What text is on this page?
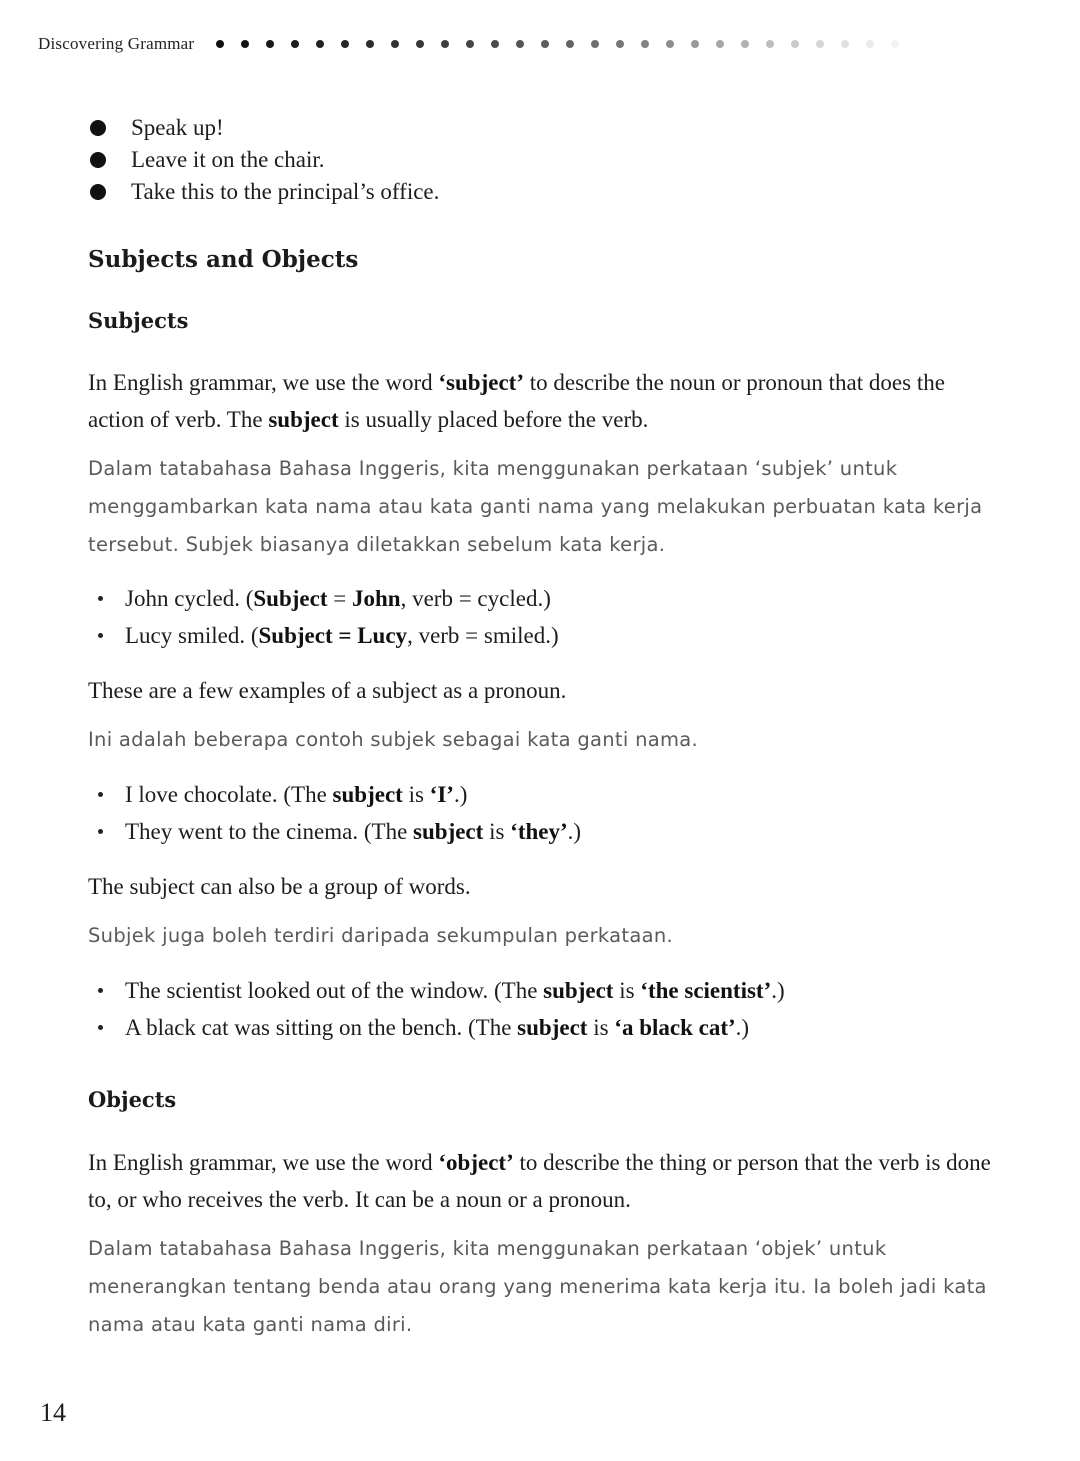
Discovering Grammar
Speak up!
Leave it on the chair.
Take this to the principal’s office.
Subjects and Objects
Subjects

In English grammar, we use the word ‘subject’ to describe the noun or pronoun that does the action of verb. The subject is usually placed before the verb.

Dalam tatabahasa Bahasa Inggeris, kita menggunakan perkataan ‘subjek’ untuk menggambarkan kata nama atau kata ganti nama yang melakukan perbuatan kata kerja tersebut. Subjek biasanya diletakkan sebelum kata kerja.

John cycled. (Subject = John, verb = cycled.)
Lucy smiled. (Subject = Lucy, verb = smiled.)

These are a few examples of a subject as a pronoun.

Ini adalah beberapa contoh subjek sebagai kata ganti nama.

I love chocolate. (The subject is ‘I’.)
They went to the cinema. (The subject is ‘they’.)

The subject can also be a group of words.

Subjek juga boleh terdiri daripada sekumpulan perkataan.

The scientist looked out of the window. (The subject is ‘the scientist’.)
A black cat was sitting on the bench. (The subject is ‘a black cat’.)
Objects

In English grammar, we use the word ‘object’ to describe the thing or person that the verb is done to, or who receives the verb. It can be a noun or a pronoun.

Dalam tatabahasa Bahasa Inggeris, kita menggunakan perkataan ‘objek’ untuk menerangkan tentang benda atau orang yang menerima kata kerja itu. Ia boleh jadi kata nama atau kata ganti nama diri.

14
